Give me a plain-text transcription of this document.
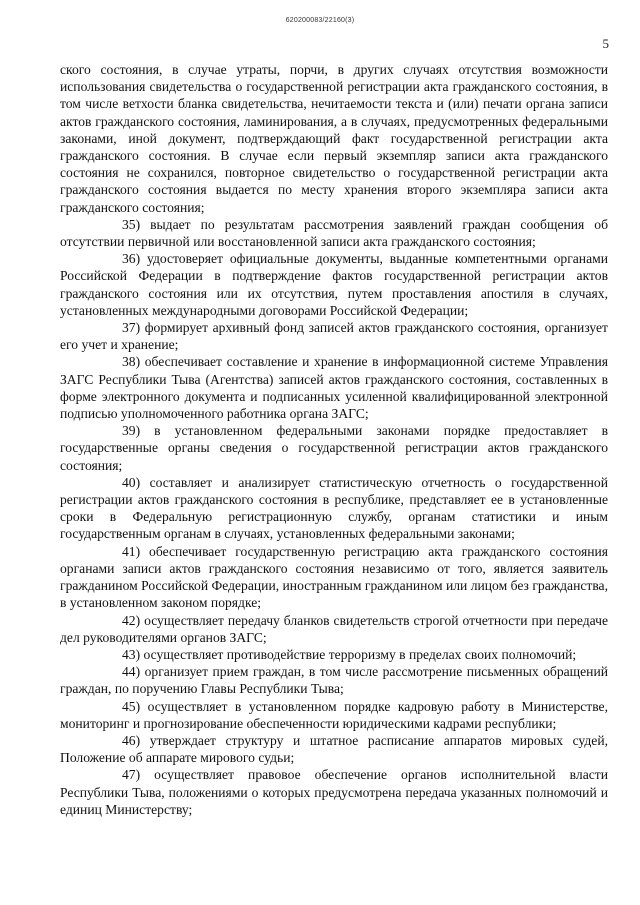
620200083/22160(3)
5

ского состояния, в случае утраты, порчи, в других случаях отсутствия возможности использования свидетельства о государственной регистрации акта гражданского состояния, в том числе ветхости бланка свидетельства, нечитаемости текста и (или) печати органа записи актов гражданского состояния, ламинирования, а в случаях, предусмотренных федеральными законами, иной документ, подтверждающий факт государственной регистрации акта гражданского состояния. В случае если первый экземпляр записи акта гражданского состояния не сохранился, повторное свидетельство о государственной регистрации акта гражданского состояния выдается по месту хранения второго экземпляра записи акта гражданского состояния;

35) выдает по результатам рассмотрения заявлений граждан сообщения об отсутствии первичной или восстановленной записи акта гражданского состояния;

36) удостоверяет официальные документы, выданные компетентными органами Российской Федерации в подтверждение фактов государственной регистрации актов гражданского состояния или их отсутствия, путем проставления апостиля в случаях, установленных международными договорами Российской Федерации;

37) формирует архивный фонд записей актов гражданского состояния, организует его учет и хранение;

38) обеспечивает составление и хранение в информационной системе Управления ЗАГС Республики Тыва (Агентства) записей актов гражданского состояния, составленных в форме электронного документа и подписанных усиленной квалифицированной электронной подписью уполномоченного работника органа ЗАГС;

39) в установленном федеральными законами порядке предоставляет в государственные органы сведения о государственной регистрации актов гражданского состояния;

40) составляет и анализирует статистическую отчетность о государственной регистрации актов гражданского состояния в республике, представляет ее в установленные сроки в Федеральную регистрационную службу, органам статистики и иным государственным органам в случаях, установленных федеральными законами;

41) обеспечивает государственную регистрацию акта гражданского состояния органами записи актов гражданского состояния независимо от того, является заявитель гражданином Российской Федерации, иностранным гражданином или лицом без гражданства, в установленном законом порядке;

42) осуществляет передачу бланков свидетельств строгой отчетности при передаче дел руководителями органов ЗАГС;

43) осуществляет противодействие терроризму в пределах своих полномочий;

44) организует прием граждан, в том числе рассмотрение письменных обращений граждан, по поручению Главы Республики Тыва;

45) осуществляет в установленном порядке кадровую работу в Министерстве, мониторинг и прогнозирование обеспеченности юридическими кадрами республики;

46) утверждает структуру и штатное расписание аппаратов мировых судей, Положение об аппарате мирового судьи;

47) осуществляет правовое обеспечение органов исполнительной власти Республики Тыва, положениями о которых предусмотрена передача указанных полномочий и единиц Министерству;
